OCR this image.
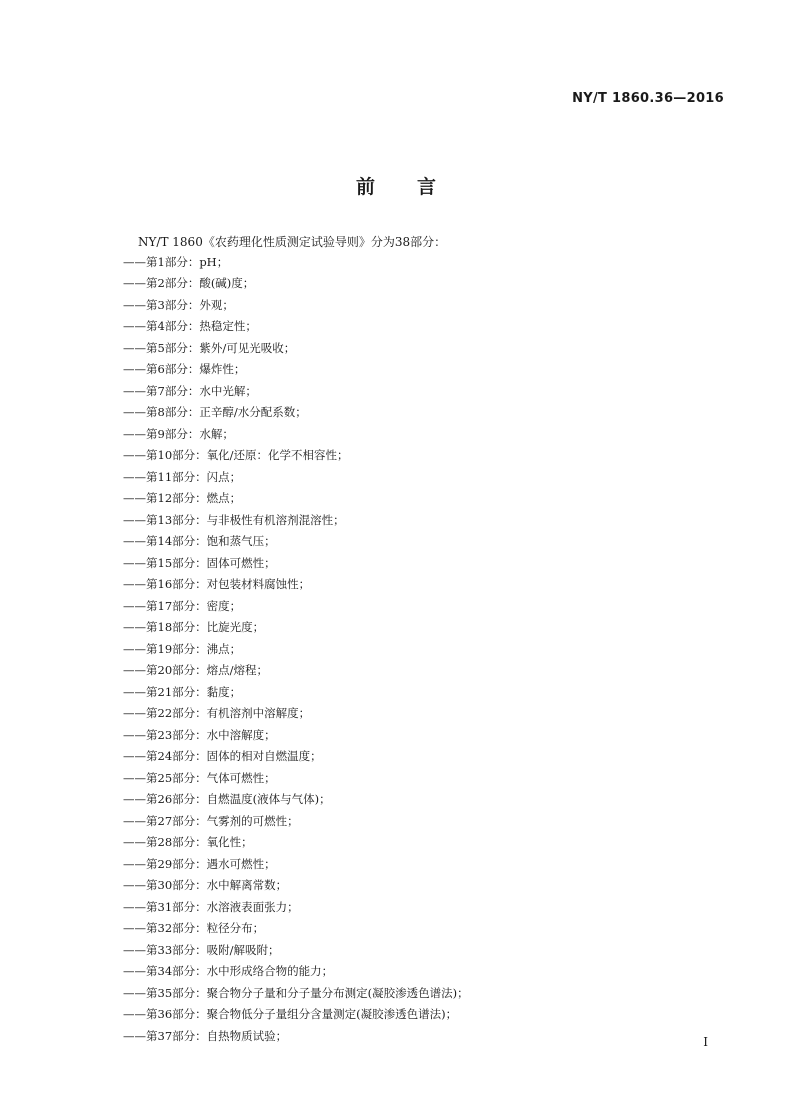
NY/T 1860.36—2016
前言
NY/T 1860《农药理化性质测定试验导则》分为38部分：
——第1部分：pH；
——第2部分：酸(碱)度；
——第3部分：外观；
——第4部分：热稳定性；
——第5部分：紫外/可见光吸收；
——第6部分：爆炸性；
——第7部分：水中光解；
——第8部分：正辛醇/水分配系数；
——第9部分：水解；
——第10部分：氧化/还原：化学不相容性；
——第11部分：闪点；
——第12部分：燃点；
——第13部分：与非极性有机溶剂混溶性；
——第14部分：饱和蒸气压；
——第15部分：固体可燃性；
——第16部分：对包装材料腐蚀性；
——第17部分：密度；
——第18部分：比旋光度；
——第19部分：沸点；
——第20部分：熔点/熔程；
——第21部分：黏度；
——第22部分：有机溶剂中溶解度；
——第23部分：水中溶解度；
——第24部分：固体的相对自燃温度；
——第25部分：气体可燃性；
——第26部分：自燃温度(液体与气体)；
——第27部分：气雾剂的可燃性；
——第28部分：氧化性；
——第29部分：遇水可燃性；
——第30部分：水中解离常数；
——第31部分：水溶液表面张力；
——第32部分：粒径分布；
——第33部分：吸附/解吸附；
——第34部分：水中形成络合物的能力；
——第35部分：聚合物分子量和分子量分布测定(凝胶渗透色谱法)；
——第36部分：聚合物低分子量组分含量测定(凝胶渗透色谱法)；
——第37部分：自热物质试验；	I
